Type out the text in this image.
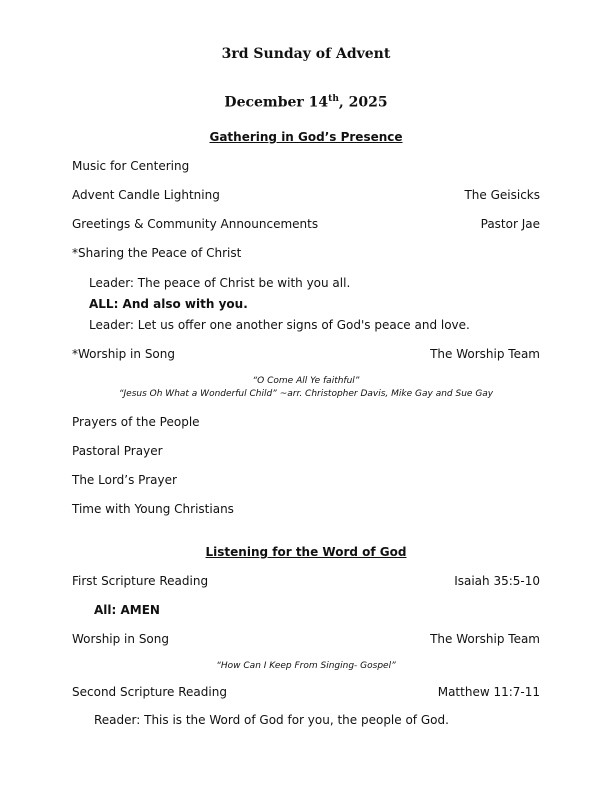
3rd Sunday of Advent
December 14th, 2025
Gathering in God’s Presence
Music for Centering
Advent Candle Lightning	The Geisicks
Greetings & Community Announcements	Pastor Jae
*Sharing the Peace of Christ
Leader: The peace of Christ be with you all.
ALL: And also with you.
Leader: Let us offer one another signs of God's peace and love.
*Worship in Song	The Worship Team
“O Come All Ye faithful”
“Jesus Oh What a Wonderful Child” ~arr. Christopher Davis, Mike Gay and Sue Gay
Prayers of the People
Pastoral Prayer
The Lord’s Prayer
Time with Young Christians
Listening for the Word of God
First Scripture Reading	Isaiah 35:5-10
All: AMEN
Worship in Song	The Worship Team
“How Can I Keep From Singing- Gospel”
Second Scripture Reading	Matthew 11:7-11
Reader: This is the Word of God for you, the people of God.
